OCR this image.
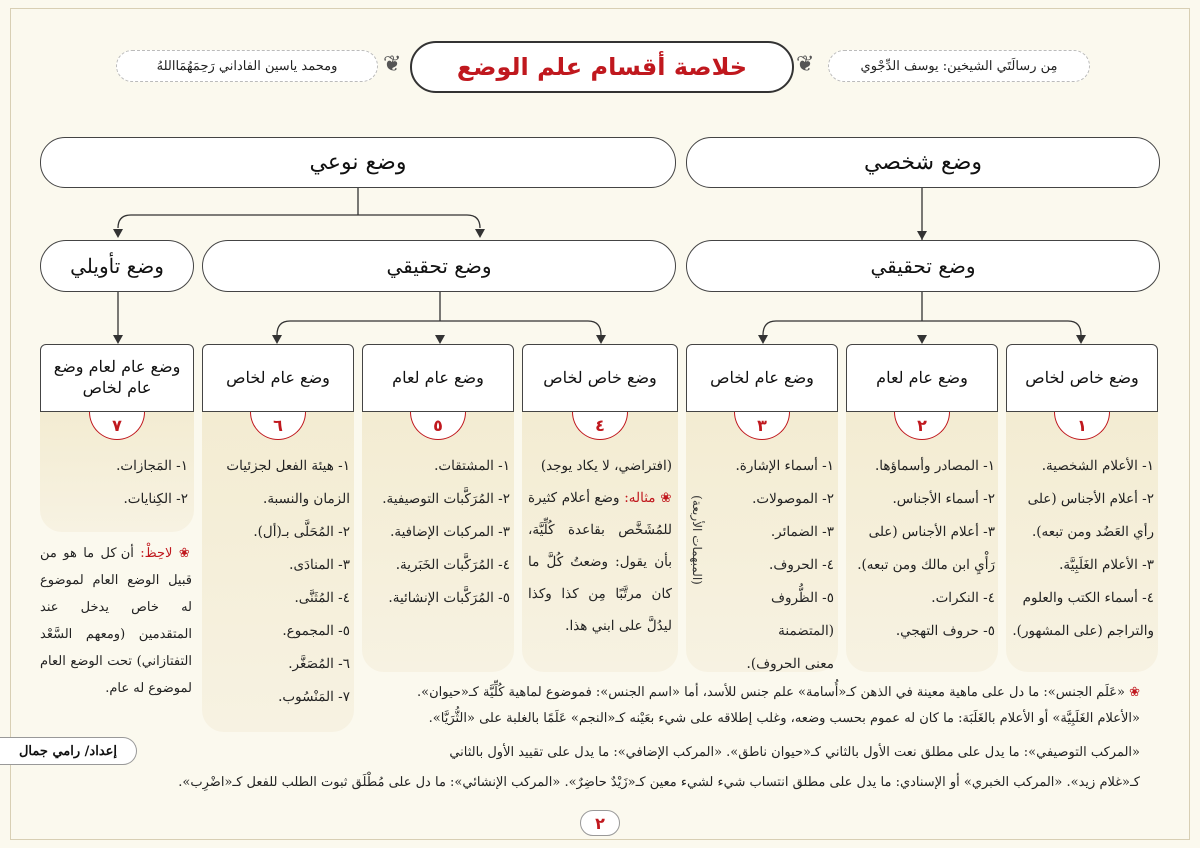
خلاصة أقسام علم الوضع
❦	❦	مِن رسالَتَي الشيخين: يوسف الدِّجْوي
ومحمد ياسين الفاداني رَحِمَهُمَااللهُ
وضع شخصي
وضع نوعي
وضع تحقيقي
وضع تحقيقي
وضع تأويلي
وضع خاص لخاص
١
١- الأعلام الشخصية.
٢- أعلام الأجناس (على
رأي العَضُد ومن تبعه).
٣- الأعلام الغَلَبِيَّة.
٤- أسماء الكتب والعلوم
والتراجم (على المشهور).
وضع عام لعام
٢
١- المصادر وأسماؤها.
٢- أسماء الأجناس.
٣- أعلام الأجناس (على
رَأْيِ ابن مالك ومن تبعه).
٤- النكرات.
٥- حروف التهجي.
وضع عام لخاص
٣
(المبهمات الأربعة)
١- أسماء الإشارة.
٢- الموصولات.
٣- الضمائر.
٤- الحروف.
٥- الظُّروف (المتضمنة
معنى الحروف).
وضع خاص لخاص
٤
(افتراضي، لا يكاد يوجد)
❀ مثاله: وضع أعلام كثيرة للمُشَخَّص بقاعدة كُلِّيَّة، بأن يقول: وضعتُ كُلَّ ما كان مرتَّبًا مِن كذا وكذا ليدُلَّ على ابني هذا.
وضع عام لعام
٥
١- المشتقات.
٢- المُرَكَّبات التوصيفية.
٣- المركبات الإضافية.
٤- المُرَكَّبات الخَبَرية.
٥- المُرَكَّبات الإنشائية.
وضع عام لخاص
٦
١- هيئة الفعل لجزئيات
الزمان والنسبة.
٢- المُحَلَّى بـ(أل).
٣- المنادَى.
٤- المُثَنَّى.
٥- المجموع.
٦- المُصَغَّر.
٧- المَنْسُوب.
وضع عام لعام وضع عام لخاص
٧
١- المَجازات.
٢- الكِنايات.
❀ لاحِظْ: أن كل ما هو من قبيل الوضع العام لموضوع له خاص يدخل عند المتقدمين (ومعهم السَّعْد التفتازاني) تحت الوضع العام لموضوع له عام.
إعداد/ رامي جمال
❀ «عَلَم الجنس»: ما دل على ماهية معينة في الذهن كـ«أُسامة» علم جنس للأسد، أما «اسم الجنس»: فموضوع لماهية كُلِّيَّة كـ«حيوان».
«الأعلام الغَلَبِيَّة» أو الأعلام بالغَلَبَة: ما كان له عموم بحسب وضعه، وغلب إطلاقه على شيء بعَيْنه كـ«النجم» عَلَمًا بالغلبة على «الثُّرَيَّا».
«المركب التوصيفي»: ما يدل على مطلق نعت الأول بالثاني كـ«حيوان ناطق». «المركب الإضافي»: ما يدل على تقييد الأول بالثاني
كـ«غلام زيد». «المركب الخبري» أو الإسنادي: ما يدل على مطلق انتساب شيء لشيء معين كـ«زَيْدٌ حاضِرٌ». «المركب الإنشائي»: ما دل على مُطْلَق ثبوت الطلب للفعل كـ«اضْرِب».
٢
